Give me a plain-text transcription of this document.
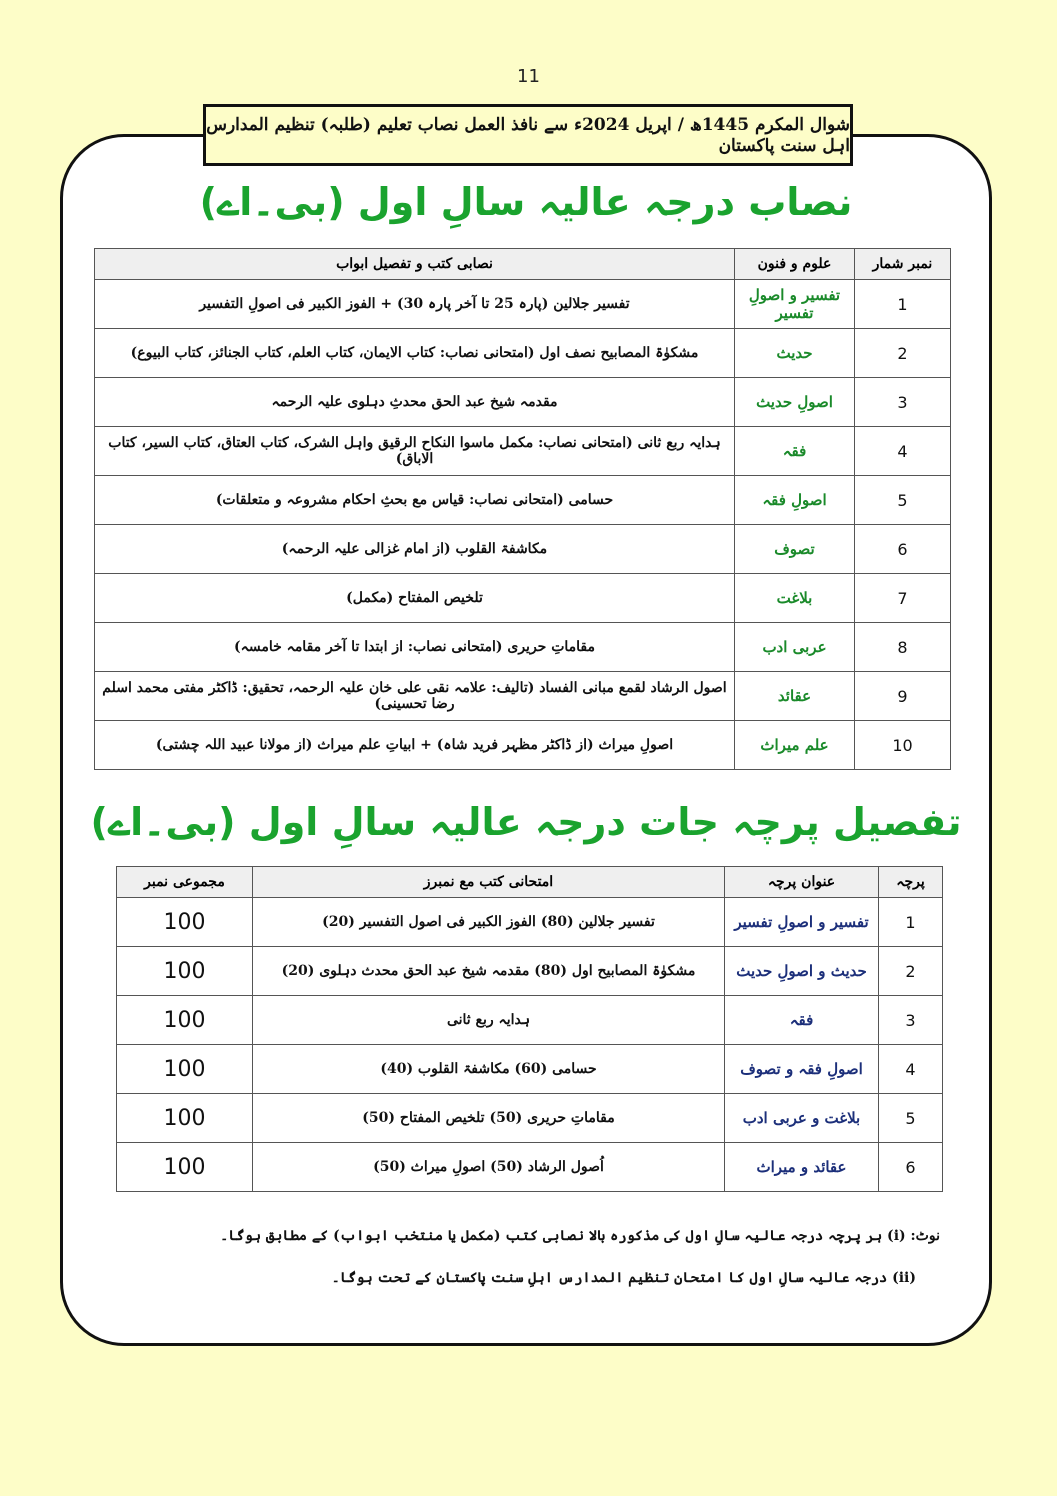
11
شوال المکرم 1445ھ / اپریل 2024ء سے نافذ العمل نصاب تعلیم (طلبہ) تنظیم المدارس اہل سنت پاکستان
نصاب درجہ عالیہ سالِ اول (بی۔اے)
نمبر شمار	علوم و فنون	نصابی کتب و تفصیل ابواب
1	تفسیر و اصولِ تفسیر	تفسیر جلالین (پارہ 25 تا آخر پارہ 30) + الفوز الکبیر فی اصولِ التفسیر
2	حدیث	مشکوٰۃ المصابیح نصف اول (امتحانی نصاب: کتاب الایمان، کتاب العلم، کتاب الجنائز، کتاب البیوع)
3	اصولِ حدیث	مقدمہ شیخ عبد الحق محدثِ دہلوی علیہ الرحمہ
4	فقہ	ہدایہ ربع ثانی (امتحانی نصاب: مکمل ماسوا النکاح الرقیق واہل الشرک، کتاب العتاق، کتاب السیر، کتاب الاباق)
5	اصولِ فقہ	حسامی (امتحانی نصاب: قیاس مع بحثِ احکام مشروعہ و متعلقات)
6	تصوف	مکاشفۃ القلوب (از امام غزالی علیہ الرحمہ)
7	بلاغت	تلخیص المفتاح (مکمل)
8	عربی ادب	مقاماتِ حریری (امتحانی نصاب: از ابتدا تا آخر مقامہ خامسہ)
9	عقائد	اصول الرشاد لقمع مبانی الفساد (تالیف: علامہ نقی علی خان علیہ الرحمہ، تحقیق: ڈاکٹر مفتی محمد اسلم رضا تحسینی)
10	علم میراث	اصولِ میراث (از ڈاکٹر مظہر فرید شاہ) + ابیاتِ علم میراث (از مولانا عبید اللہ چشتی)
تفصیل پرچہ جات درجہ عالیہ سالِ اول (بی۔اے)
پرچہ	عنوان پرچہ	امتحانی کتب مع نمبرز	مجموعی نمبر
1	تفسیر و اصولِ تفسیر	تفسیر جلالین (80) الفوز الکبیر فی اصول التفسیر (20)	100
2	حدیث و اصولِ حدیث	مشکوٰۃ المصابیح اول (80) مقدمہ شیخ عبد الحق محدث دہلوی (20)	100
3	فقہ	ہدایہ ربع ثانی	100
4	اصولِ فقہ و تصوف	حسامی (60) مکاشفۃ القلوب (40)	100
5	بلاغت و عربی ادب	مقاماتِ حریری (50) تلخیص المفتاح (50)	100
6	عقائد و میراث	اُصول الرشاد (50) اصولِ میراث (50)	100
نوٹ: (i) ہر پرچہ درجہ عالیہ سالِ اول کی مذکورہ بالا نصابی کتب (مکمل یا منتخب ابواب) کے مطابق ہوگا۔
(ii) درجہ عالیہ سالِ اول کا امتحان تنظیم المدارس اہلِ سنت پاکستان کے تحت ہوگا۔
